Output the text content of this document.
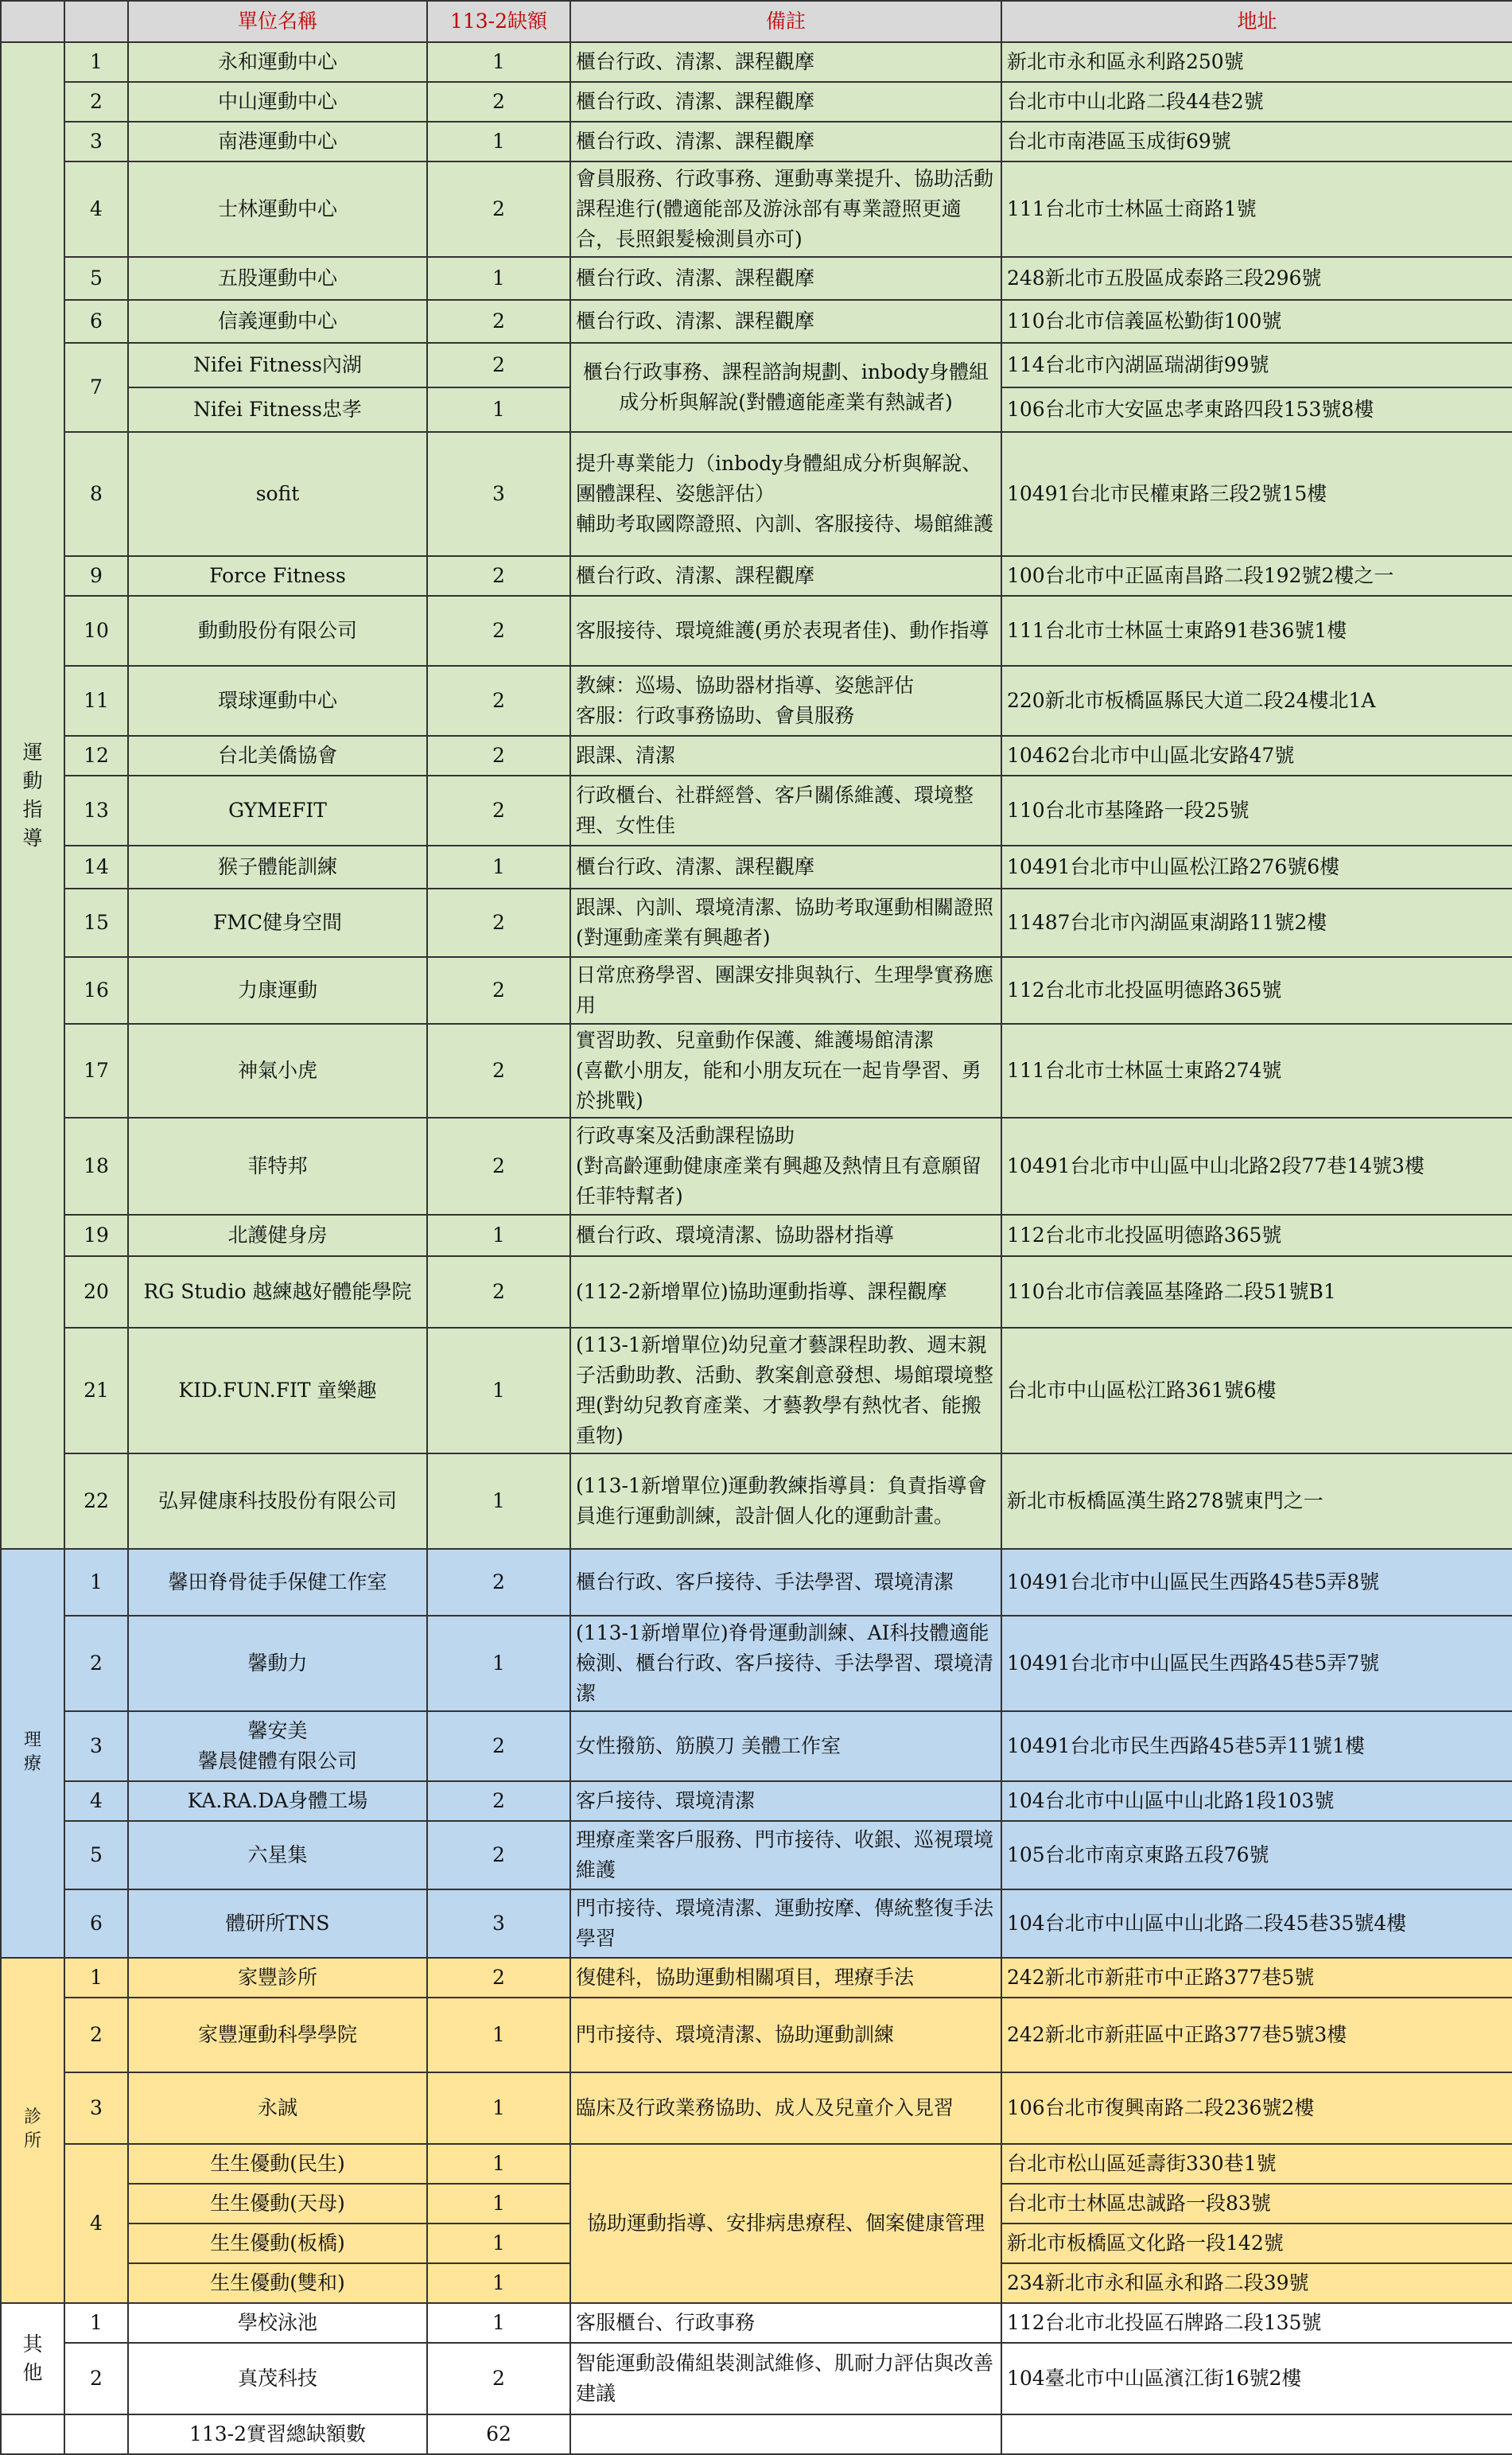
		單位名稱	113-2缺額	備註	地址
運動指導	1	永和運動中心	1	櫃台行政、清潔、課程觀摩	新北市永和區永利路250號
	2	中山運動中心	2	櫃台行政、清潔、課程觀摩	台北市中山北路二段44巷2號
	3	南港運動中心	1	櫃台行政、清潔、課程觀摩	台北市南港區玉成街69號
	4	士林運動中心	2	會員服務、行政事務、運動專業提升、協助活動課程進行(體適能部及游泳部有專業證照更適合，長照銀髮檢測員亦可)	111台北市士林區士商路1號
	5	五股運動中心	1	櫃台行政、清潔、課程觀摩	248新北市五股區成泰路三段296號
	6	信義運動中心	2	櫃台行政、清潔、課程觀摩	110台北市信義區松勤街100號
	7	Nifei Fitness內湖	2	櫃台行政事務、課程諮詢規劃、inbody身體組成分析與解說(對體適能產業有熱誠者)	114台北市內湖區瑞湖街99號
		Nifei Fitness忠孝	1		106台北市大安區忠孝東路四段153號8樓
	8	sofit	3	提升專業能力（inbody身體組成分析與解說、團體課程、姿態評估）
輔助考取國際證照、內訓、客服接待、場館維護	10491台北市民權東路三段2號15樓
	9	Force Fitness	2	櫃台行政、清潔、課程觀摩	100台北市中正區南昌路二段192號2樓之一
	10	動動股份有限公司	2	客服接待、環境維護(勇於表現者佳)、動作指導	111台北市士林區士東路91巷36號1樓
	11	環球運動中心	2	教練：巡場、協助器材指導、姿態評估
客服：行政事務協助、會員服務	220新北市板橋區縣民大道二段24樓北1A
	12	台北美僑協會	2	跟課、清潔	10462台北市中山區北安路47號
	13	GYMEFIT	2	行政櫃台、社群經營、客戶關係維護、環境整理、女性佳	110台北市基隆路一段25號
	14	猴子體能訓練	1	櫃台行政、清潔、課程觀摩	10491台北市中山區松江路276號6樓
	15	FMC健身空間	2	跟課、內訓、環境清潔、協助考取運動相關證照(對運動產業有興趣者)	11487台北市內湖區東湖路11號2樓
	16	力康運動	2	日常庶務學習、團課安排與執行、生理學實務應用	112台北市北投區明德路365號
	17	神氣小虎	2	實習助教、兒童動作保護、維護場館清潔
(喜歡小朋友，能和小朋友玩在一起肯學習、勇於挑戰)	111台北市士林區士東路274號
	18	菲特邦	2	行政專案及活動課程協助
(對高齡運動健康產業有興趣及熱情且有意願留任菲特幫者)	10491台北市中山區中山北路2段77巷14號3樓
	19	北護健身房	1	櫃台行政、環境清潔、協助器材指導	112台北市北投區明德路365號
	20	RG Studio 越練越好體能學院	2	(112-2新增單位)協助運動指導、課程觀摩	110台北市信義區基隆路二段51號B1
	21	KID.FUN.FIT 童樂趣	1	(113-1新增單位)幼兒童才藝課程助教、週末親子活動助教、活動、教案創意發想、場館環境整理(對幼兒教育產業、才藝教學有熱忱者、能搬重物)	台北市中山區松江路361號6樓
	22	弘昇健康科技股份有限公司	1	(113-1新增單位)運動教練指導員：負責指導會員進行運動訓練，設計個人化的運動計畫。	新北市板橋區漢生路278號東門之一
理療	1	馨田脊骨徒手保健工作室	2	櫃台行政、客戶接待、手法學習、環境清潔	10491台北市中山區民生西路45巷5弄8號
	2	馨動力	1	(113-1新增單位)脊骨運動訓練、AI科技體適能檢測、櫃台行政、客戶接待、手法學習、環境清潔	10491台北市中山區民生西路45巷5弄7號
	3	馨安美
馨晨健體有限公司	2	女性撥筋、筋膜刀 美體工作室	10491台北市民生西路45巷5弄11號1樓
	4	KA.RA.DA身體工場	2	客戶接待、環境清潔	104台北市中山區中山北路1段103號
	5	六星集	2	理療產業客戶服務、門市接待、收銀、巡視環境維護	105台北市南京東路五段76號
	6	體研所TNS	3	門市接待、環境清潔、運動按摩、傳統整復手法學習	104台北市中山區中山北路二段45巷35號4樓
診所	1	家豐診所	2	復健科，協助運動相關項目，理療手法	242新北市新莊市中正路377巷5號
	2	家豐運動科學學院	1	門市接待、環境清潔、協助運動訓練	242新北市新莊區中正路377巷5號3樓
	3	永誠	1	臨床及行政業務協助、成人及兒童介入見習	106台北市復興南路二段236號2樓
	4	生生優動(民生)	1	協助運動指導、安排病患療程、個案健康管理	台北市松山區延壽街330巷1號
		生生優動(天母)	1		台北市士林區忠誠路一段83號
		生生優動(板橋)	1		新北市板橋區文化路一段142號
		生生優動(雙和)	1		234新北市永和區永和路二段39號
其他	1	學校泳池	1	客服櫃台、行政事務	112台北市北投區石牌路二段135號
	2	真茂科技	2	智能運動設備組裝測試維修、肌耐力評估與改善建議	104臺北市中山區濱江街16號2樓
		113-2實習總缺額數	62		
